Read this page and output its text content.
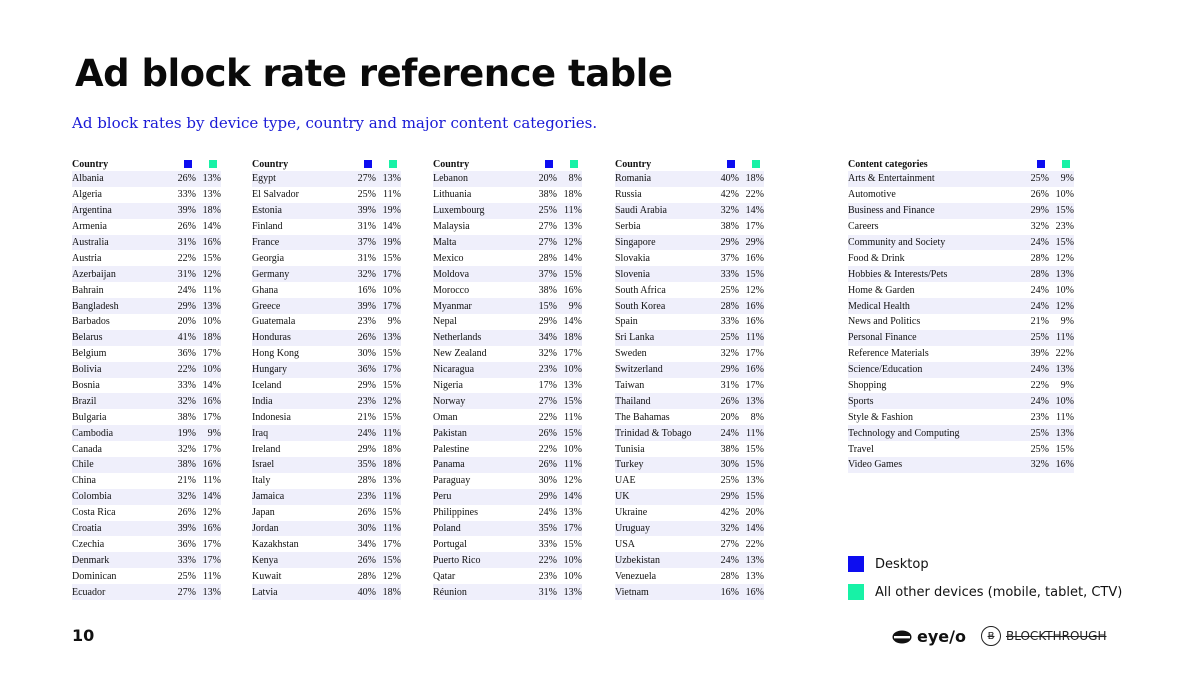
Ad block rate reference table

Ad block rates by device type, country and major content categories.

Country		
Albania	26%	13%
Algeria	33%	13%
Argentina	39%	18%
Armenia	26%	14%
Australia	31%	16%
Austria	22%	15%
Azerbaijan	31%	12%
Bahrain	24%	11%
Bangladesh	29%	13%
Barbados	20%	10%
Belarus	41%	18%
Belgium	36%	17%
Bolivia	22%	10%
Bosnia	33%	14%
Brazil	32%	16%
Bulgaria	38%	17%
Cambodia	19%	9%
Canada	32%	17%
Chile	38%	16%
China	21%	11%
Colombia	32%	14%
Costa Rica	26%	12%
Croatia	39%	16%
Czechia	36%	17%
Denmark	33%	17%
Dominican	25%	11%
Ecuador	27%	13%
Country		
Egypt	27%	13%
El Salvador	25%	11%
Estonia	39%	19%
Finland	31%	14%
France	37%	19%
Georgia	31%	15%
Germany	32%	17%
Ghana	16%	10%
Greece	39%	17%
Guatemala	23%	9%
Honduras	26%	13%
Hong Kong	30%	15%
Hungary	36%	17%
Iceland	29%	15%
India	23%	12%
Indonesia	21%	15%
Iraq	24%	11%
Ireland	29%	18%
Israel	35%	18%
Italy	28%	13%
Jamaica	23%	11%
Japan	26%	15%
Jordan	30%	11%
Kazakhstan	34%	17%
Kenya	26%	15%
Kuwait	28%	12%
Latvia	40%	18%
Country		
Lebanon	20%	8%
Lithuania	38%	18%
Luxembourg	25%	11%
Malaysia	27%	13%
Malta	27%	12%
Mexico	28%	14%
Moldova	37%	15%
Morocco	38%	16%
Myanmar	15%	9%
Nepal	29%	14%
Netherlands	34%	18%
New Zealand	32%	17%
Nicaragua	23%	10%
Nigeria	17%	13%
Norway	27%	15%
Oman	22%	11%
Pakistan	26%	15%
Palestine	22%	10%
Panama	26%	11%
Paraguay	30%	12%
Peru	29%	14%
Philippines	24%	13%
Poland	35%	17%
Portugal	33%	15%
Puerto Rico	22%	10%
Qatar	23%	10%
Réunion	31%	13%
Country		
Romania	40%	18%
Russia	42%	22%
Saudi Arabia	32%	14%
Serbia	38%	17%
Singapore	29%	29%
Slovakia	37%	16%
Slovenia	33%	15%
South Africa	25%	12%
South Korea	28%	16%
Spain	33%	16%
Sri Lanka	25%	11%
Sweden	32%	17%
Switzerland	29%	16%
Taiwan	31%	17%
Thailand	26%	13%
The Bahamas	20%	8%
Trinidad & Tobago	24%	11%
Tunisia	38%	15%
Turkey	30%	15%
UAE	25%	13%
UK	29%	15%
Ukraine	42%	20%
Uruguay	32%	14%
USA	27%	22%
Uzbekistan	24%	13%
Venezuela	28%	13%
Vietnam	16%	16%
Content categories		
Arts & Entertainment	25%	9%
Automotive	26%	10%
Business and Finance	29%	15%
Careers	32%	23%
Community and Society	24%	15%
Food & Drink	28%	12%
Hobbies & Interests/Pets	28%	13%
Home & Garden	24%	10%
Medical Health	24%	12%
News and Politics	21%	9%
Personal Finance	25%	11%
Reference Materials	39%	22%
Science/Education	24%	13%
Shopping	22%	9%
Sports	24%	10%
Style & Fashion	23%	11%
Technology and Computing	25%	13%
Travel	25%	15%
Video Games	32%	16%
Desktop
All other devices (mobile, tablet, CTV)
10	eye/o	B BLOCKTHROUGH
